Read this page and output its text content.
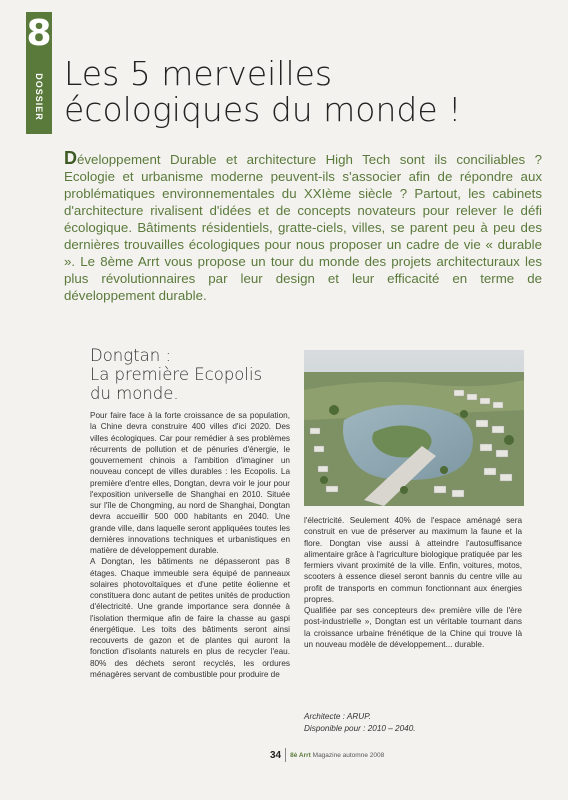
8
DOSSIER Les 5 merveilles
écologiques du monde !

Développement Durable et architecture High Tech sont ils conciliables ? Ecologie et urbanisme moderne peuvent-ils s'associer afin de répondre aux problématiques environnementales du XXIème siècle ? Partout, les cabinets d'architecture rivalisent d'idées et de concepts novateurs pour relever le défi écologique. Bâtiments résidentiels, gratte-ciels, villes, se parent peu à peu des dernières trouvailles écologiques pour nous proposer un cadre de vie « durable ». Le 8ème Arrt vous propose un tour du monde des projets architecturaux les plus révolutionnaires par leur design et leur efficacité en terme de développement durable.

Dongtan :
La première Ecopolis
du monde.
Pour faire face à la forte croissance de sa population, la Chine devra construire 400 villes d'ici 2020. Des villes écologiques. Car pour remédier à ses problèmes récurrents de pollution et de pénuries d'énergie, le gouvernement chinois a l'ambition d'imaginer un nouveau concept de villes durables : les Ecopolis. La première d'entre elles, Dongtan, devra voir le jour pour l'exposition universelle de Shanghai en 2010. Située sur l'île de Chongming, au nord de Shanghai, Dongtan devra accueillir 500 000 habitants en 2040. Une grande ville, dans laquelle seront appliquées toutes les dernières innovations techniques et urbanistiques en matière de développement durable.
A Dongtan, les bâtiments ne dépasseront pas 8 étages. Chaque immeuble sera équipé de panneaux solaires photovoltaïques et d'une petite éolienne et constituera donc autant de petites unités de production d'électricité. Une grande importance sera donnée à l'isolation thermique afin de faire la chasse au gaspi énergétique. Les toits des bâtiments seront ainsi recouverts de gazon et de plantes qui auront la fonction d'isolants naturels en plus de recycler l'eau. 80% des déchets seront recyclés, les ordures ménagères servant de combustible pour produire de
l'électricité. Seulement 40% de l'espace aménagé sera construit en vue de préserver au maximum la faune et la flore. Dongtan vise aussi à atteindre l'autosuffisance alimentaire grâce à l'agriculture biologique pratiquée par les fermiers vivant proximité de la ville. Enfin, voitures, motos, scooters à essence diesel seront bannis du centre ville au profit de transports en commun fonctionnant aux énergies propres.
Qualifiée par ses concepteurs de« première ville de l'ère post-industrielle », Dongtan est un véritable tournant dans la croissance urbaine frénétique de la Chine qui trouve là un nouveau modèle de développement... durable.
Architecte : ARUP.
Disponible pour : 2010 – 2040.
34 8è Arrt Magazine automne 2008
